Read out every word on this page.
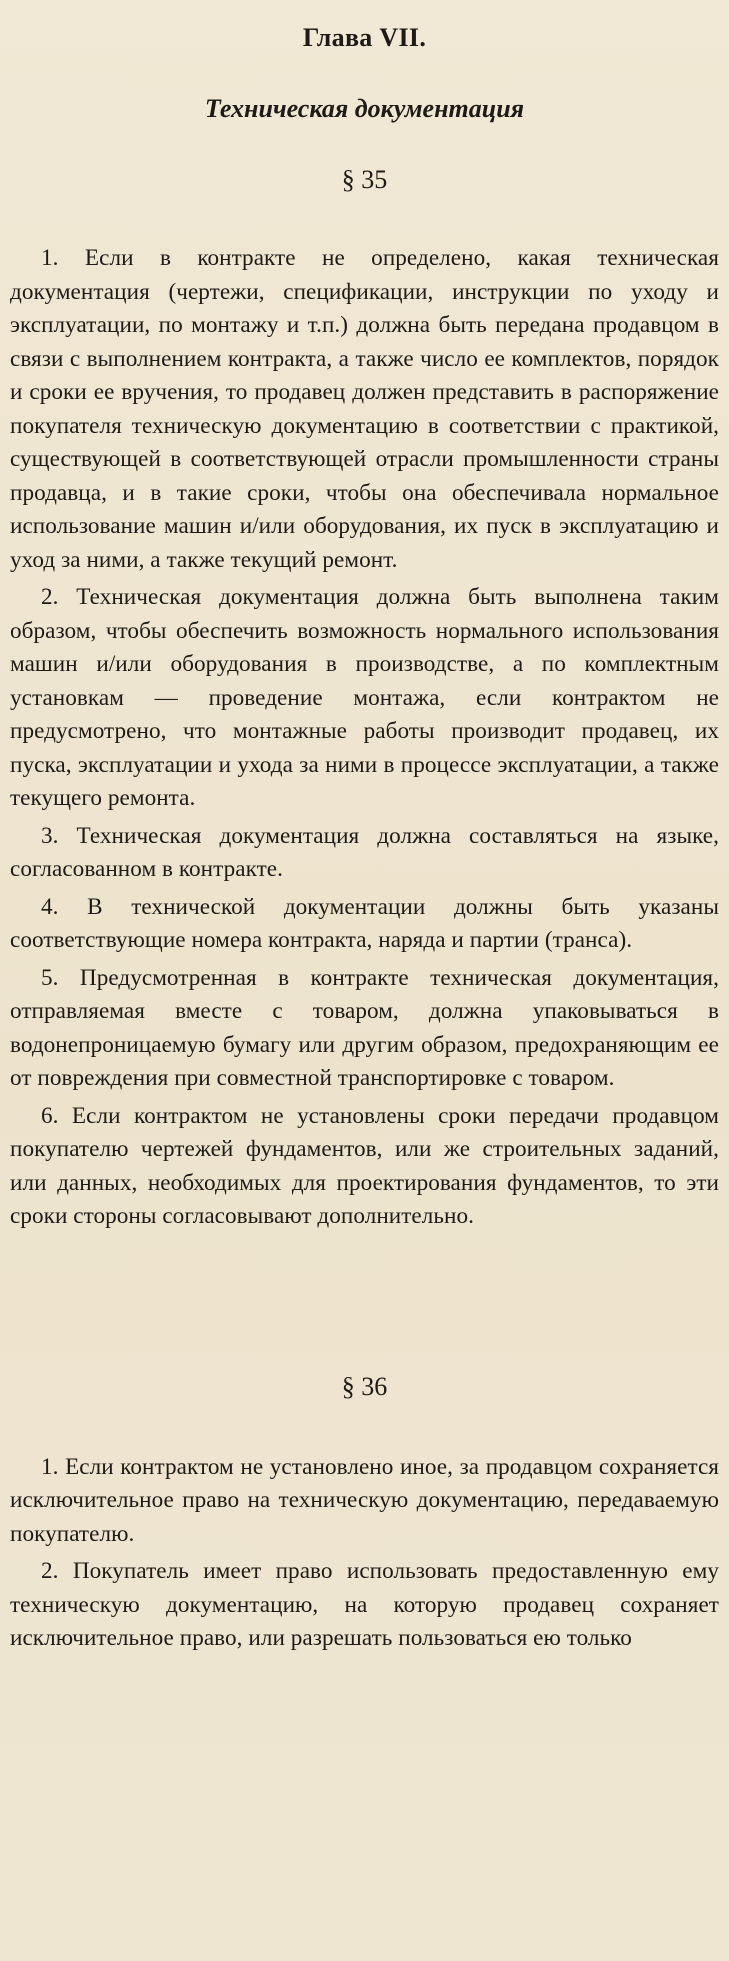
Глава VII.
Техническая документация
§ 35

1. Если в контракте не определено, какая техническая документация (чертежи, спецификации, инструкции по уходу и эксплуатации, по монтажу и т.п.) должна быть передана продавцом в связи с выполнением контракта, а также число ее комплектов, порядок и сроки ее вручения, то продавец должен представить в распоряжение покупателя техническую документацию в соответствии с практикой, существующей в соответствующей отрасли промышленности страны продавца, и в такие сроки, чтобы она обеспечивала нормальное использование машин и/или оборудования, их пуск в эксплуатацию и уход за ними, а также текущий ремонт.

2. Техническая документация должна быть выполнена таким образом, чтобы обеспечить возможность нормального использования машин и/или оборудования в производстве, а по комплектным установкам — проведение монтажа, если контрактом не предусмотрено, что монтажные работы производит продавец, их пуска, эксплуатации и ухода за ними в процессе эксплуатации, а также текущего ремонта.

3. Техническая документация должна составляться на языке, согласованном в контракте.

4. В технической документации должны быть указаны соответствующие номера контракта, наряда и партии (транса).

5. Предусмотренная в контракте техническая документация, отправляемая вместе с товаром, должна упаковываться в водонепроницаемую бумагу или другим образом, предохраняющим ее от повреждения при совместной транспортировке с товаром.

6. Если контрактом не установлены сроки передачи продавцом покупателю чертежей фундаментов, или же строительных заданий, или данных, необходимых для проектирования фундаментов, то эти сроки стороны согласовывают дополнительно.

§ 36

1. Если контрактом не установлено иное, за продавцом сохраняется исключительное право на техническую документацию, передаваемую покупателю.

2. Покупатель имеет право использовать предоставленную ему техническую документацию, на которую продавец сохраняет исключительное право, или разрешать пользоваться ею только
